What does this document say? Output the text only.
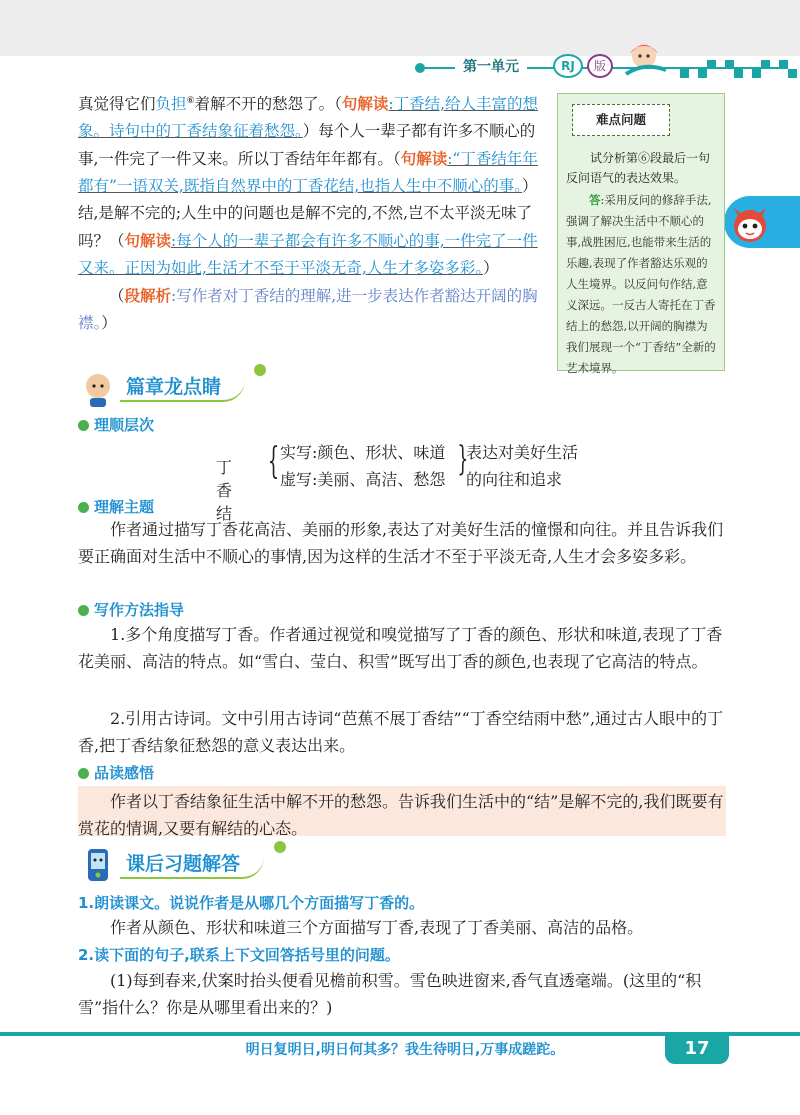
第一单元	RJ	版

真觉得它们负担⑥着解不开的愁怨了。（句解读:丁香结,给人丰富的想象。诗句中的丁香结象征着愁怨。）每个人一辈子都有许多不顺心的事,一件完了一件又来。所以丁香结年年都有。（句解读:“丁香结年年都有”一语双关,既指自然界中的丁香花结,也指人生中不顺心的事。）结,是解不完的;人生中的问题也是解不完的,不然,岂不太平淡无味了吗？（句解读:每个人的一辈子都会有许多不顺心的事,一件完了一件又来。正因为如此,生活才不至于平淡无奇,人生才多姿多彩。）

（段解析:写作者对丁香结的理解,进一步表达作者豁达开阔的胸襟。）

难点问题
试分析第⑥段最后一句反问语气的表达效果。
答:采用反问的修辞手法,强调了解决生活中不顺心的事,战胜困厄,也能带来生活的乐趣,表现了作者豁达乐观的人生境界。以反问句作结,意义深远。一反古人寄托在丁香结上的愁怨,以开阔的胸襟为我们展现一个“丁香结”全新的艺术境界。
篇章龙点睛
理顺层次
丁香结
{ 实写:颜色、形状、味道
虚写:美丽、高洁、愁怨
{
表达对美好生活
的向往和追求
理解主题

作者通过描写丁香花高洁、美丽的形象,表达了对美好生活的憧憬和向往。并且告诉我们要正确面对生活中不顺心的事情,因为这样的生活才不至于平淡无奇,人生才会多姿多彩。

写作方法指导

1.多个角度描写丁香。作者通过视觉和嗅觉描写了丁香的颜色、形状和味道,表现了丁香花美丽、高洁的特点。如“雪白、莹白、积雪”既写出丁香的颜色,也表现了它高洁的特点。

2.引用古诗词。文中引用古诗词“芭蕉不展丁香结”“丁香空结雨中愁”,通过古人眼中的丁香,把丁香结象征愁怨的意义表达出来。

品读感悟

作者以丁香结象征生活中解不开的愁怨。告诉我们生活中的“结”是解不完的,我们既要有赏花的情调,又要有解结的心态。

课后习题解答
1.朗读课文。说说作者是从哪几个方面描写丁香的。

作者从颜色、形状和味道三个方面描写丁香,表现了丁香美丽、高洁的品格。

2.读下面的句子,联系上下文回答括号里的问题。

(1)每到春来,伏案时抬头便看见檐前积雪。雪色映进窗来,香气直透毫端。(这里的“积雪”指什么？你是从哪里看出来的？)

明日复明日,明日何其多？我生待明日,万事成蹉跎。	17
